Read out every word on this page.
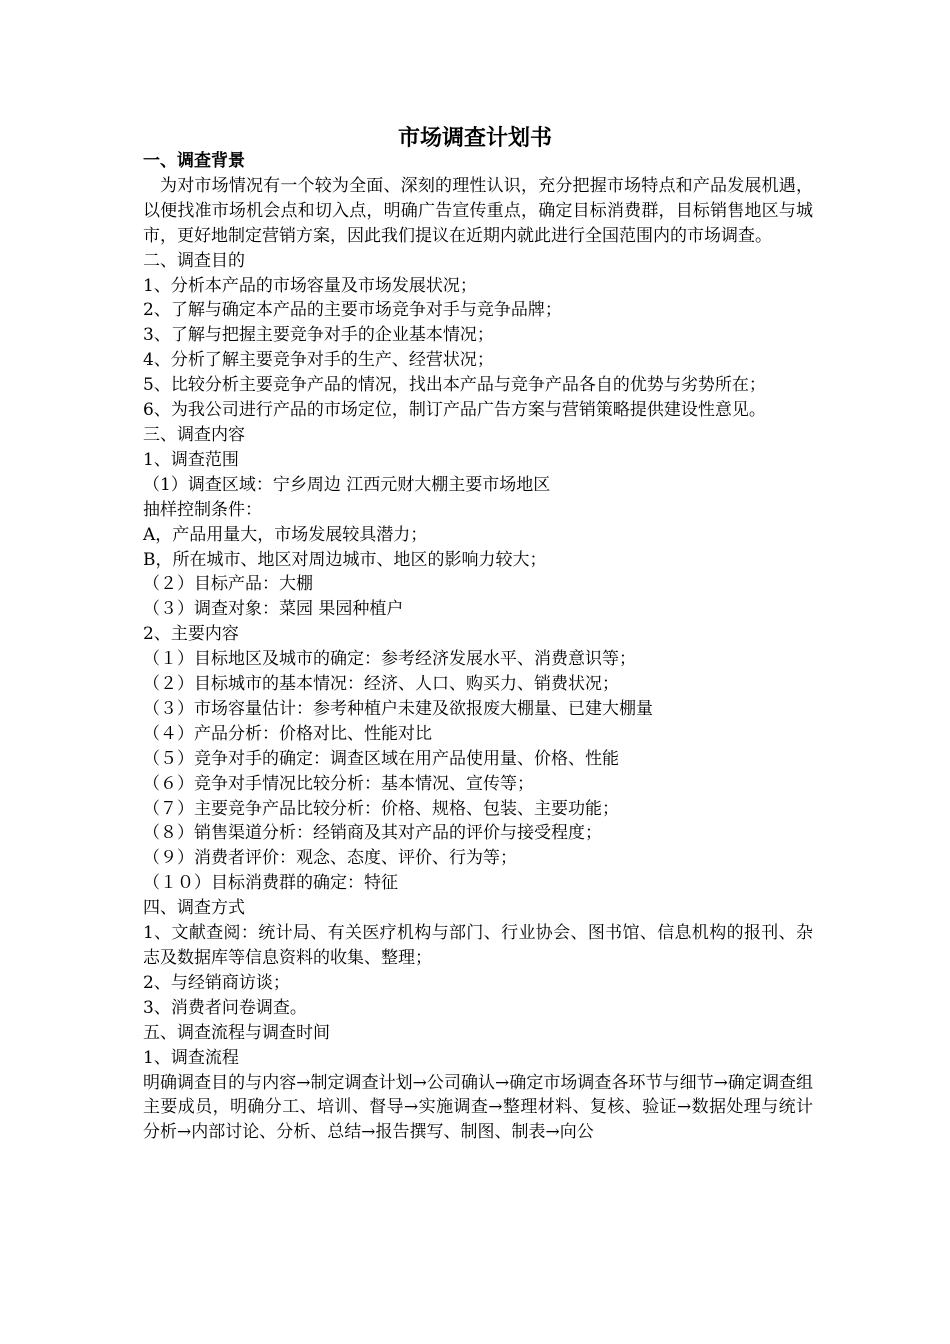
市场调查计划书

一、调查背景

为对市场情况有一个较为全面、深刻的理性认识，充分把握市场特点和产品发展机遇，以便找准市场机会点和切入点，明确广告宣传重点，确定目标消费群，目标销售地区与城市，更好地制定营销方案，因此我们提议在近期内就此进行全国范围内的市场调查。

二、调查目的

1、分析本产品的市场容量及市场发展状况；

2、了解与确定本产品的主要市场竞争对手与竞争品牌；

3、了解与把握主要竞争对手的企业基本情况；

4、分析了解主要竞争对手的生产、经营状况；

5、比较分析主要竞争产品的情况，找出本产品与竞争产品各自的优势与劣势所在；

6、为我公司进行产品的市场定位，制订产品广告方案与营销策略提供建设性意见。

三、调查内容

1、调查范围

（1）调查区域：宁乡周边 江西元财大棚主要市场地区

抽样控制条件：

A，产品用量大，市场发展较具潜力；

B，所在城市、地区对周边城市、地区的影响力较大；

（２）目标产品：大棚

（３）调查对象：菜园 果园种植户

2、主要内容

（１）目标地区及城市的确定：参考经济发展水平、消费意识等；

（２）目标城市的基本情况：经济、人口、购买力、销费状况；

（３）市场容量估计：参考种植户未建及欲报废大棚量、已建大棚量

（４）产品分析：价格对比、性能对比

（５）竞争对手的确定：调查区域在用产品使用量、价格、性能

（６）竞争对手情况比较分析：基本情况、宣传等；

（７）主要竞争产品比较分析：价格、规格、包装、主要功能；

（８）销售渠道分析：经销商及其对产品的评价与接受程度；

（９）消费者评价：观念、态度、评价、行为等；

（１０）目标消费群的确定：特征

四、调查方式

1、文献查阅：统计局、有关医疗机构与部门、行业协会、图书馆、信息机构的报刊、杂志及数据库等信息资料的收集、整理；

2、与经销商访谈；

3、消费者问卷调查。

五、调查流程与调查时间

1、调查流程

明确调查目的与内容→制定调查计划→公司确认→确定市场调查各环节与细节→确定调查组主要成员，明确分工、培训、督导→实施调查→整理材料、复核、验证→数据处理与统计分析→内部讨论、分析、总结→报告撰写、制图、制表→向公
